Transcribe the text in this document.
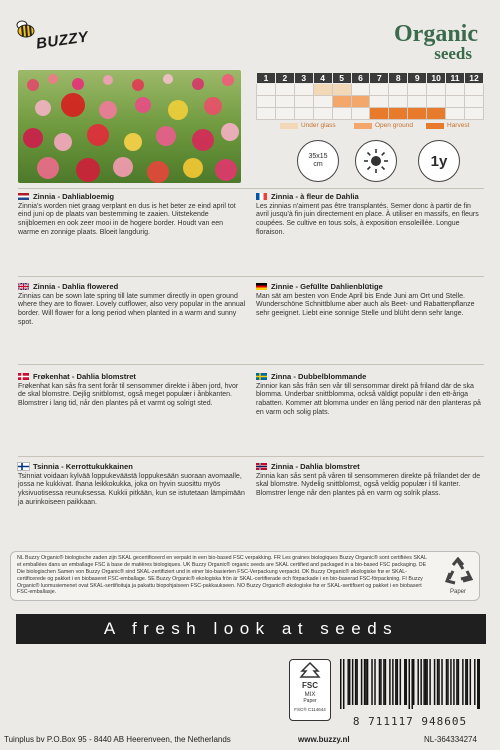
BUZZY	Organic
seeds
1	2	3	4	5	6	7	8	9	10	11	12

Under glass	Open ground	Harvest
35x15
cm	1y
Zinnia - Dahliabloemig

Zinnia's worden niet graag verplant en dus is het beter ze eind april tot eind juni op de plaats van bestemming te zaaien. Uitstekende snijbloemen en ook zeer mooi in de hogere border. Houdt van een warme en zonnige plaats. Bloeit langdurig.

Zinnia - à fleur de Dahlia

Les zinnias n'aiment pas être transplantés. Semer donc à partir de fin avril jusqu'à fin juin directement en place. À utiliser en massifs, en fleurs coupées. Se cultive en tous sols, à exposition ensoleillée. Longue floraison.

Zinnia - Dahlia flowered

Zinnias can be sown late spring till late summer directly in open ground where they are to flower. Lovely cutflower, also very popular in the annual border. Will flower for a long period when planted in a warm and sunny spot.

Zinnie - Gefüllte Dahlienblütige

Man sät am besten von Ende April bis Ende Juni am Ort und Stelle. Wunderschöne Schnittblume aber auch als Beet- und Rabattenpflanze sehr geeignet. Liebt eine sonnige Stelle und blüht denn sehr lange.

Frøkenhat - Dahlia blomstret

Frøkenhat kan sås fra sent forår til sensommer direkte i åben jord, hvor de skal blomstre. Dejlig snitblomst, også meget populær i ånbkanten. Blomstrer i lang tid, når den plantes på et varmt og solrigt sted.

Zinna - Dubbelblommande

Zinnior kan sås från sen vår till sensommar direkt på friland där de ska blomma. Underbar snittblomma, också väldigt populär i den ett-åriga rabatten. Kommer att blomma under en lång period när den planteras på en varm och solig plats.

Tsinnia - Kerrottukukkainen

Tsinniat voidaan kylvää loppukeväästä loppukesään suoraan avomaalle, jossa ne kukkivat. Ihana leikkokukka, joka on hyvin suosittu myös yksivuotisessa reunuksessa. Kukkii pitkään, kun se istutetaan lämpimään ja aurinkoiseen paikkaan.

Zinnia - Dahlia blomstret

Zinnia kan sås sent på våren til sensommeren direkte på frilandet der de skal blomstre. Nydelig snittblomst, også veldig populær i til kanter. Blomstrer lenge når den plantes på en varm og solrik plass.

NL Buzzy Organic® biologische zaden zijn SKAL gecertificeerd en verpakt in een bio-based FSC verpakking. FR Les graines biologiques Buzzy Organic® sont certifiées SKAL et emballées dans un emballage FSC à base de matières biologiques. UK Buzzy Organic® organic seeds are SKAL certified and packaged in a bio-based FSC packaging. DE Die biologischen Samen von Buzzy Organic® sind SKAL-zertifiziert und in einer bio-basierten FSC-Verpackung verpackt. DK Buzzy Organic® økologiske frø er SKAL-certificerede og pakket i en biobaseret FSC-emballage. SE Buzzy Organic® ekologiska frön är SKAL-certifierade och förpackade i en bio-baserad FSC-förpackning. FI Buzzy Organic® luomusiemenet ovat SKAL-sertifioituja ja pakattu biopohjaiseen FSC-pakkaukseen. NO Buzzy Organic® økologiske frø er SKAL-sertifisert og pakket i en biobasert FSC-emballasje.	Paper
A fresh look at seeds
FSC
MIX
Paper
FSC® C114644
8 711117 948605
Tuinplus bv P.O.Box 95 - 8440 AB Heerenveen, the Netherlands	www.buzzy.nl	NL-364334274
